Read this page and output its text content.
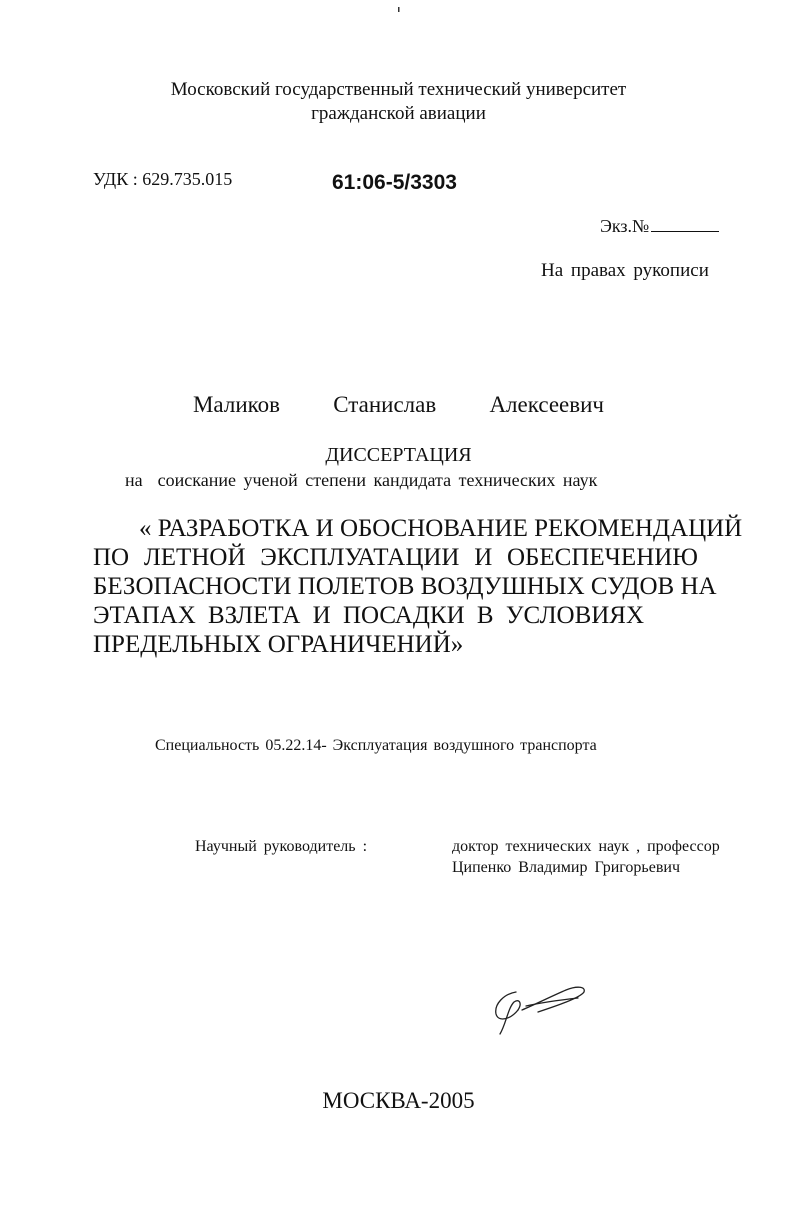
Московский государственный технический университет
гражданской авиации
УДК : 629.735.015	61:06-5/3303
Экз.№
На правах рукописи
Маликов   Станислав   Алексеевич
ДИССЕРТАЦИЯ
на  соискание ученой степени кандидата технических наук
« РАЗРАБОТКА И ОБОСНОВАНИЕ РЕКОМЕНДАЦИЙ
ПО ЛЕТНОЙ ЭКСПЛУАТАЦИИ И ОБЕСПЕЧЕНИЮ
БЕЗОПАСНОСТИ ПОЛЕТОВ ВОЗДУШНЫХ СУДОВ НА
ЭТАПАХ ВЗЛЕТА И ПОСАДКИ В УСЛОВИЯХ
ПРЕДЕЛЬНЫХ ОГРАНИЧЕНИЙ»
Специальность 05.22.14- Эксплуатация воздушного транспорта
Научный руководитель :	доктор технических наук , профессор
Ципенко Владимир Григорьевич
МОСКВА-2005
